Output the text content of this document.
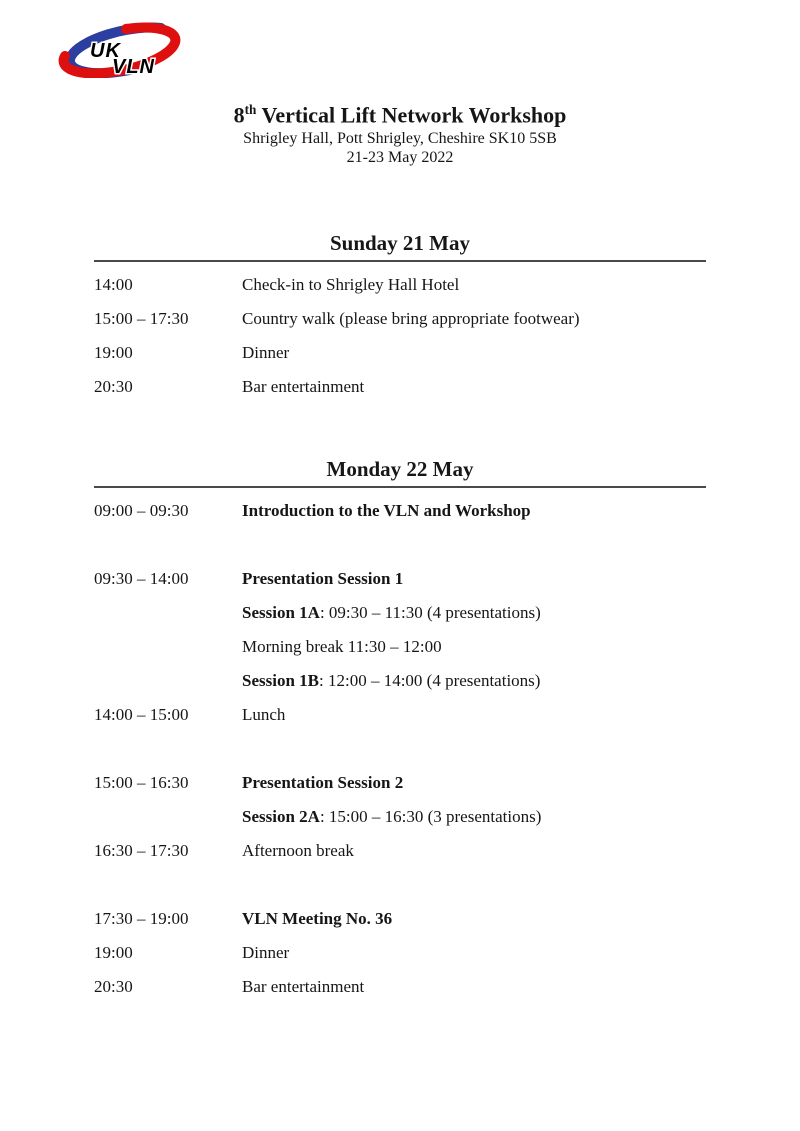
UK
VLN
8th Vertical Lift Network Workshop
Shrigley Hall, Pott Shrigley, Cheshire SK10 5SB
21-23 May 2022
Sunday 21 May
14:00	Check-in to Shrigley Hall Hotel
15:00 – 17:30	Country walk (please bring appropriate footwear)
19:00	Dinner
20:30	Bar entertainment
Monday 22 May
09:00 – 09:30	Introduction to the VLN and Workshop
09:30 – 14:00	Presentation Session 1
Session 1A: 09:30 – 11:30 (4 presentations)
Morning break 11:30 – 12:00
Session 1B: 12:00 – 14:00 (4 presentations)
14:00 – 15:00	Lunch
15:00 – 16:30	Presentation Session 2
Session 2A: 15:00 – 16:30 (3 presentations)
16:30 – 17:30	Afternoon break
17:30 – 19:00	VLN Meeting No. 36
19:00	Dinner
20:30	Bar entertainment
